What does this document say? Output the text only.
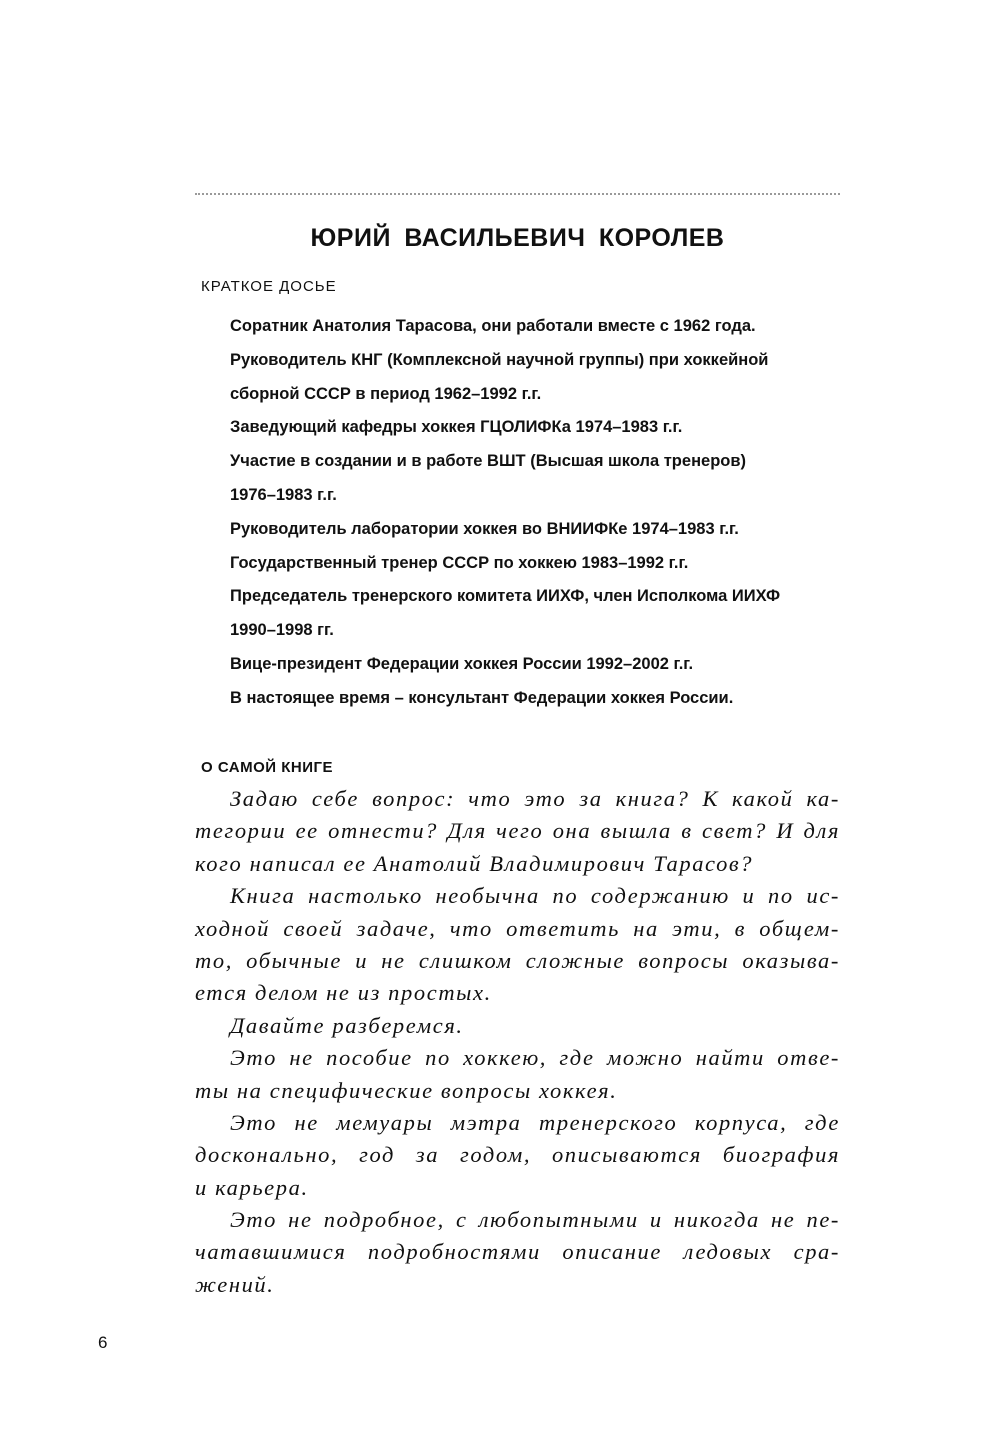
ЮРИЙ ВАСИЛЬЕВИЧ КОРОЛЕВ
КРАТКОЕ ДОСЬЕ
Соратник Анатолия Тарасова, они работали вместе с 1962 года.
Руководитель КНГ (Комплексной научной группы) при хоккейной
сборной СССР в период 1962–1992 г.г.
Заведующий кафедры хоккея ГЦОЛИФКа 1974–1983 г.г.
Участие в создании и в работе ВШТ (Высшая школа тренеров)
1976–1983 г.г.
Руководитель лаборатории хоккея во ВНИИФКе 1974–1983 г.г.
Государственный тренер СССР по хоккею 1983–1992 г.г.
Председатель тренерского комитета ИИХФ, член Исполкома ИИХФ
1990–1998 гг.
Вице-президент Федерации хоккея России 1992–2002 г.г.
В настоящее время – консультант Федерации хоккея России.
О САМОЙ КНИГЕ
Задаю себе вопрос: что это за книга? К какой ка-
тегории ее отнести? Для чего она вышла в свет? И для
кого написал ее Анатолий Владимирович Тарасов?
Книга настолько необычна по содержанию и по ис-
ходной своей задаче, что ответить на эти, в общем-
то, обычные и не слишком сложные вопросы оказыва-
ется делом не из простых.
Давайте разберемся.
Это не пособие по хоккею, где можно найти отве-
ты на специфические вопросы хоккея.
Это не мемуары мэтра тренерского корпуса, где
досконально, год за годом, описываются биография
и карьера.
Это не подробное, с любопытными и никогда не пе-
чатавшимися подробностями описание ледовых сра-
жений.
6
